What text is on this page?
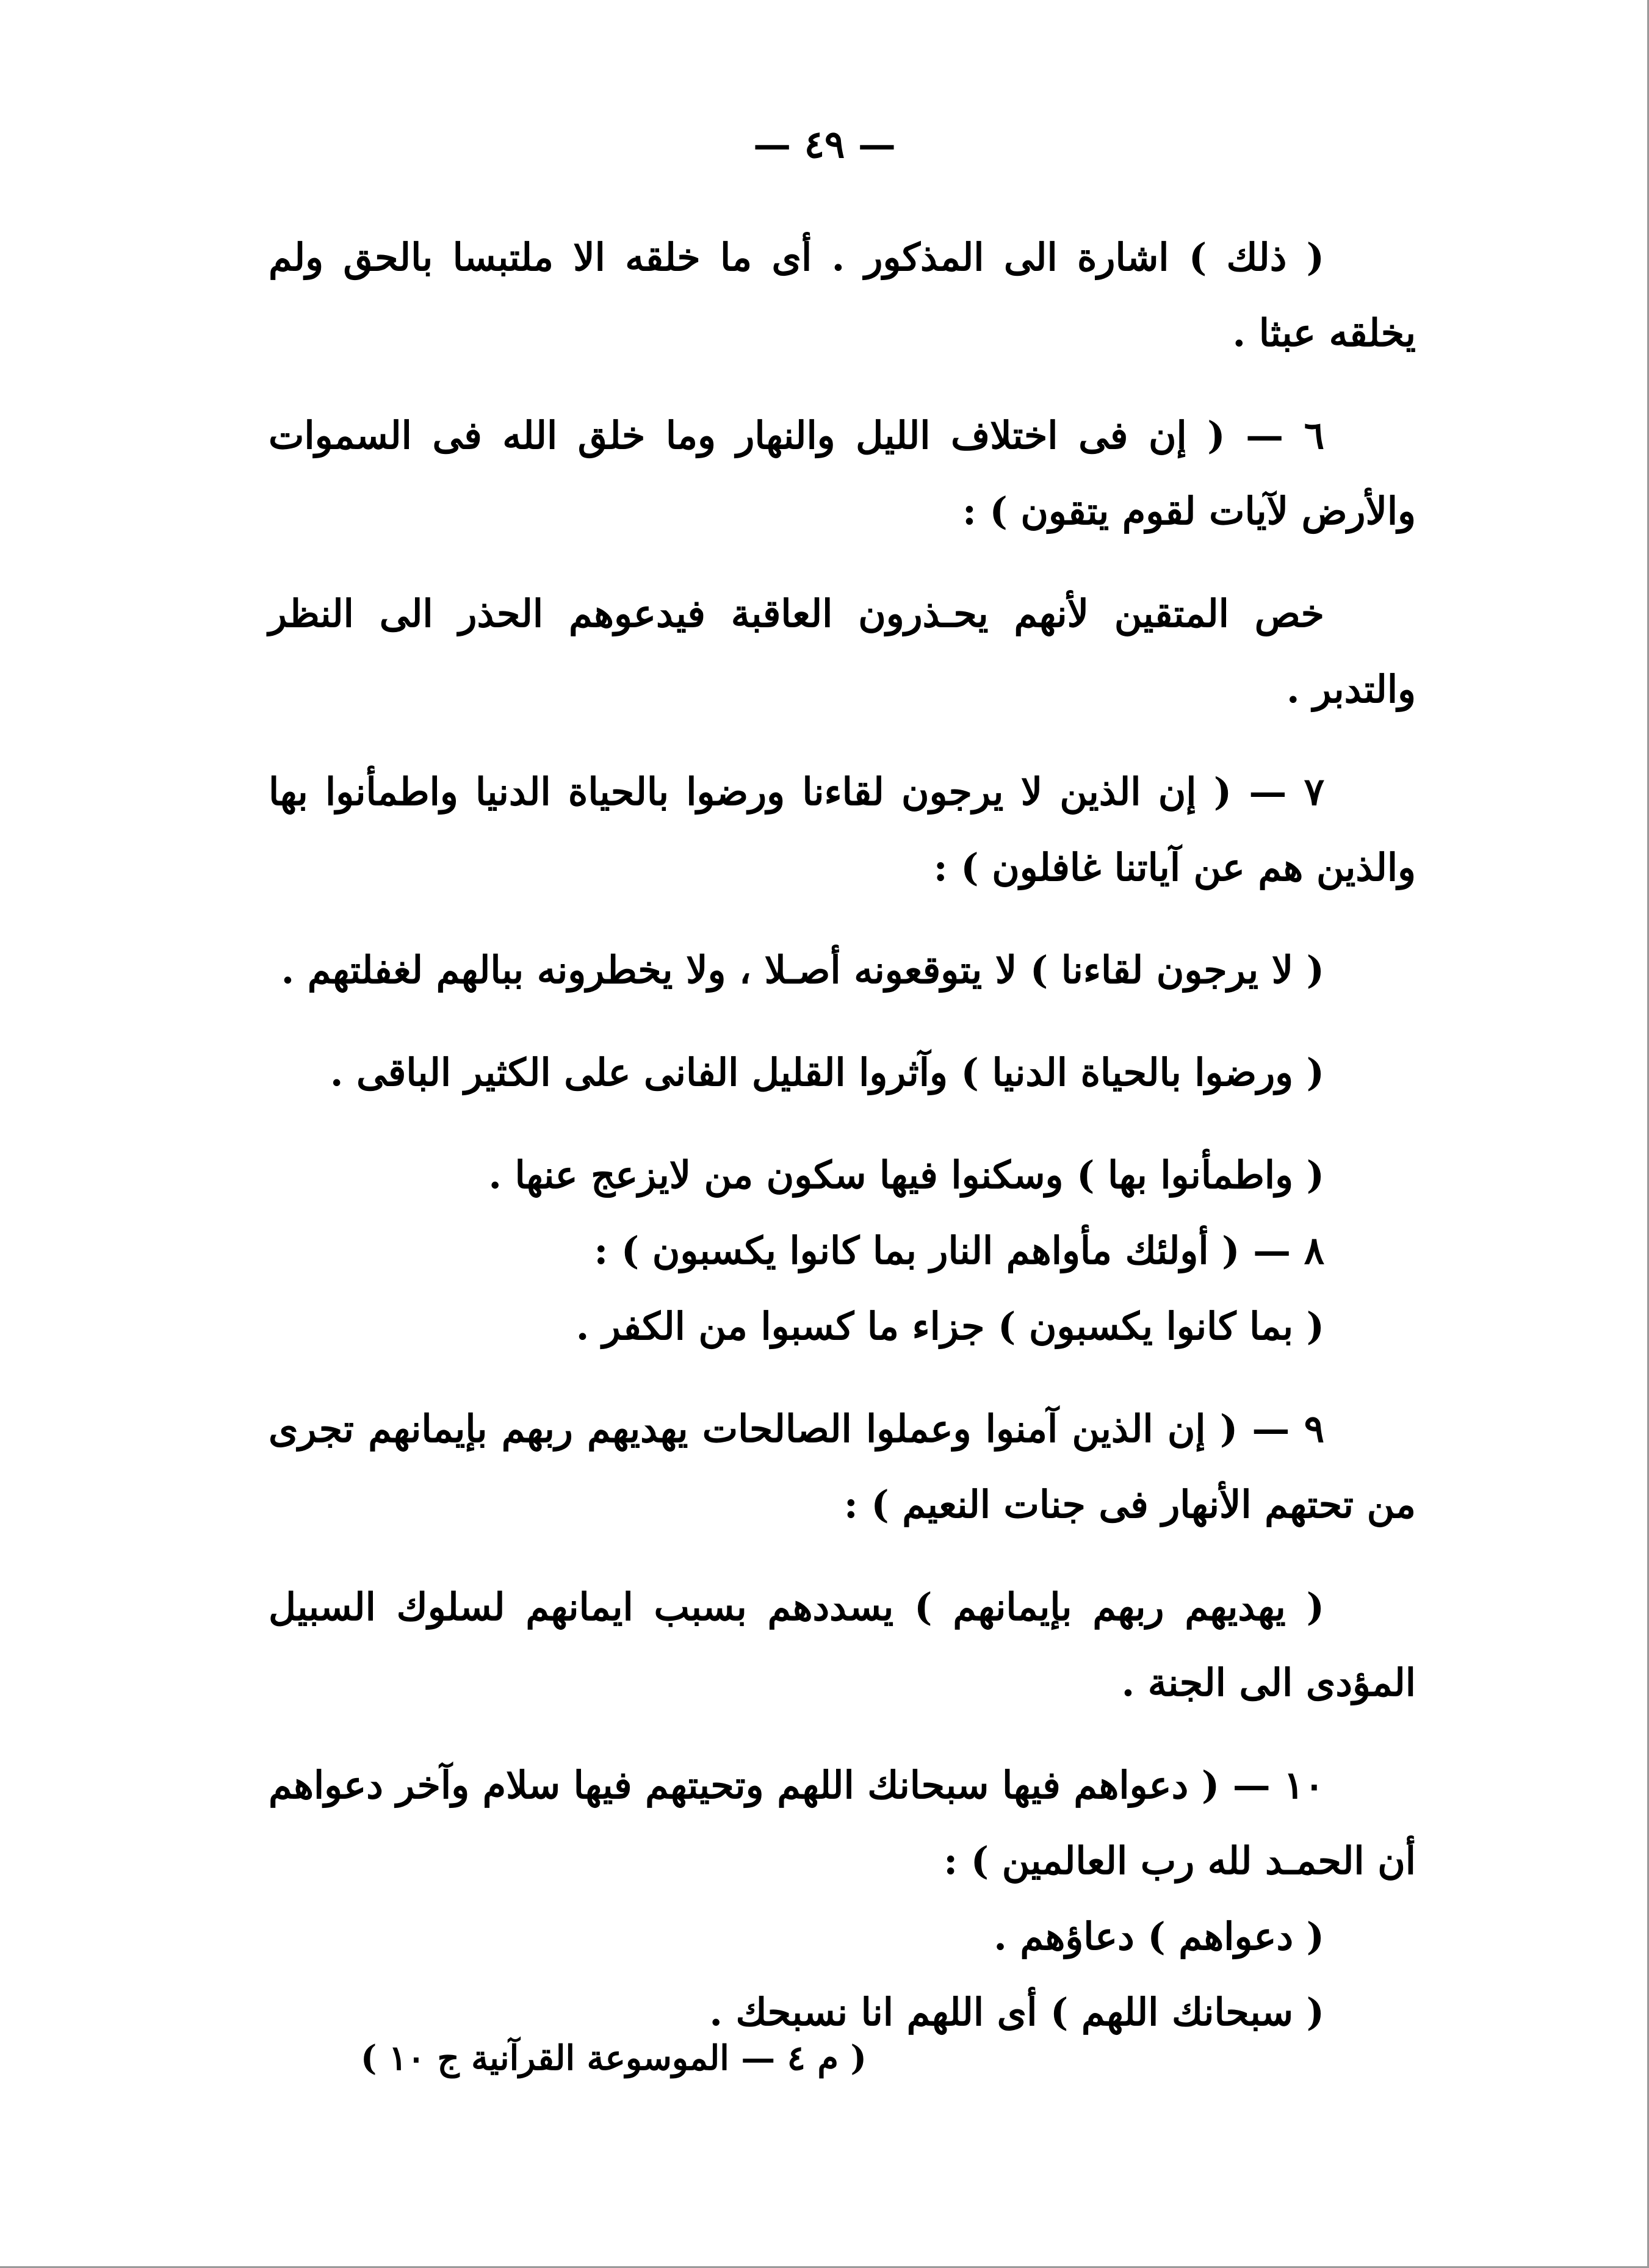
— ٤٩ —

( ذلك ) اشارة الى المذكور . أى ما خلقه الا ملتبسا بالحق ولم يخلقه عبثا .

٦ — ( إن فى اختلاف الليل والنهار وما خلق الله فى السموات والأرض لآيات لقوم يتقون ) :

خص المتقين لأنهم يحـذرون العاقبة فيدعوهم الحذر الى النظر والتدبر .

٧ — ( إن الذين لا يرجون لقاءنا ورضوا بالحياة الدنيا واطمأنوا بها والذين هم عن آياتنا غافلون ) :

( لا يرجون لقاءنا ) لا يتوقعونه أصـلا ، ولا يخطرونه ببالهم لغفلتهم .

( ورضوا بالحياة الدنيا ) وآثروا القليل الفانى على الكثير الباقى .

( واطمأنوا بها ) وسكنوا فيها سكون من لايزعج عنها .

٨ — ( أولئك مأواهم النار بما كانوا يكسبون ) :

( بما كانوا يكسبون ) جزاء ما كسبوا من الكفر .

٩ — ( إن الذين آمنوا وعملوا الصالحات يهديهم ربهم بإيمانهم تجرى من تحتهم الأنهار فى جنات النعيم ) :

( يهديهم ربهم بإيمانهم ) يسددهم بسبب ايمانهم لسلوك السبيل المؤدى الى الجنة .

١٠ — ( دعواهم فيها سبحانك اللهم وتحيتهم فيها سلام وآخر دعواهم أن الحمـد لله رب العالمين ) :

( دعواهم ) دعاؤهم .

( سبحانك اللهم ) أى اللهم انا نسبحك .

( م ٤ — الموسوعة القرآنية ج ١٠ )
